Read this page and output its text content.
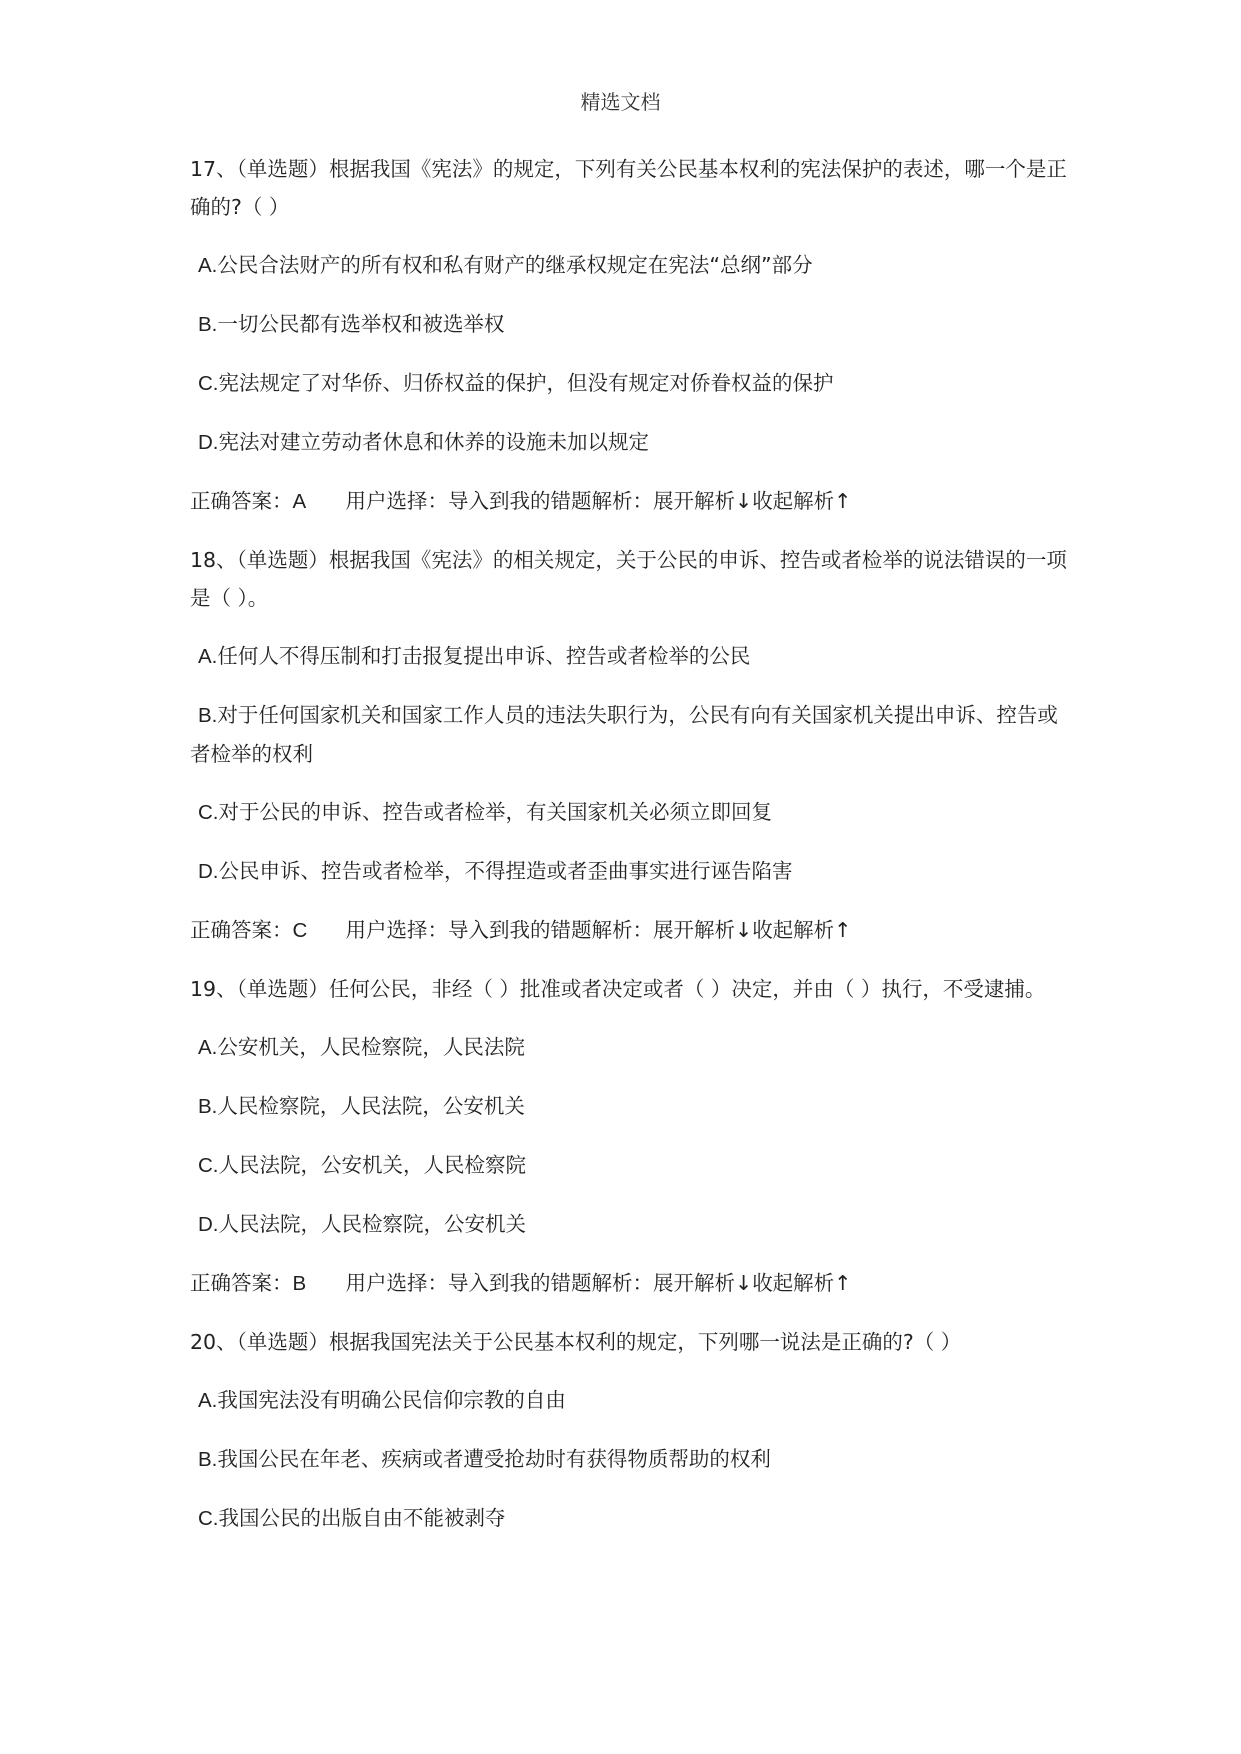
精选文档

17、（单选题）根据我国《宪法》的规定，下列有关公民基本权利的宪法保护的表述，哪一个是正确的?（ ）

A.公民合法财产的所有权和私有财产的继承权规定在宪法“总纲”部分

B.一切公民都有选举权和被选举权

C.宪法规定了对华侨、归侨权益的保护，但没有规定对侨眷权益的保护

D.宪法对建立劳动者休息和休养的设施未加以规定

正确答案：A 用户选择：导入到我的错题解析：展开解析↓收起解析↑

18、（单选题）根据我国《宪法》的相关规定，关于公民的申诉、控告或者检举的说法错误的一项是（ ）。

A.任何人不得压制和打击报复提出申诉、控告或者检举的公民

B.对于任何国家机关和国家工作人员的违法失职行为，公民有向有关国家机关提出申诉、控告或者检举的权利

C.对于公民的申诉、控告或者检举，有关国家机关必须立即回复

D.公民申诉、控告或者检举，不得捏造或者歪曲事实进行诬告陷害

正确答案：C 用户选择：导入到我的错题解析：展开解析↓收起解析↑

19、（单选题）任何公民，非经（ ）批准或者决定或者（ ）决定，并由（ ）执行，不受逮捕。

A.公安机关，人民检察院，人民法院

B.人民检察院，人民法院，公安机关

C.人民法院，公安机关，人民检察院

D.人民法院，人民检察院，公安机关

正确答案：B 用户选择：导入到我的错题解析：展开解析↓收起解析↑

20、（单选题）根据我国宪法关于公民基本权利的规定，下列哪一说法是正确的?（ ）

A.我国宪法没有明确公民信仰宗教的自由

B.我国公民在年老、疾病或者遭受抢劫时有获得物质帮助的权利

C.我国公民的出版自由不能被剥夺
